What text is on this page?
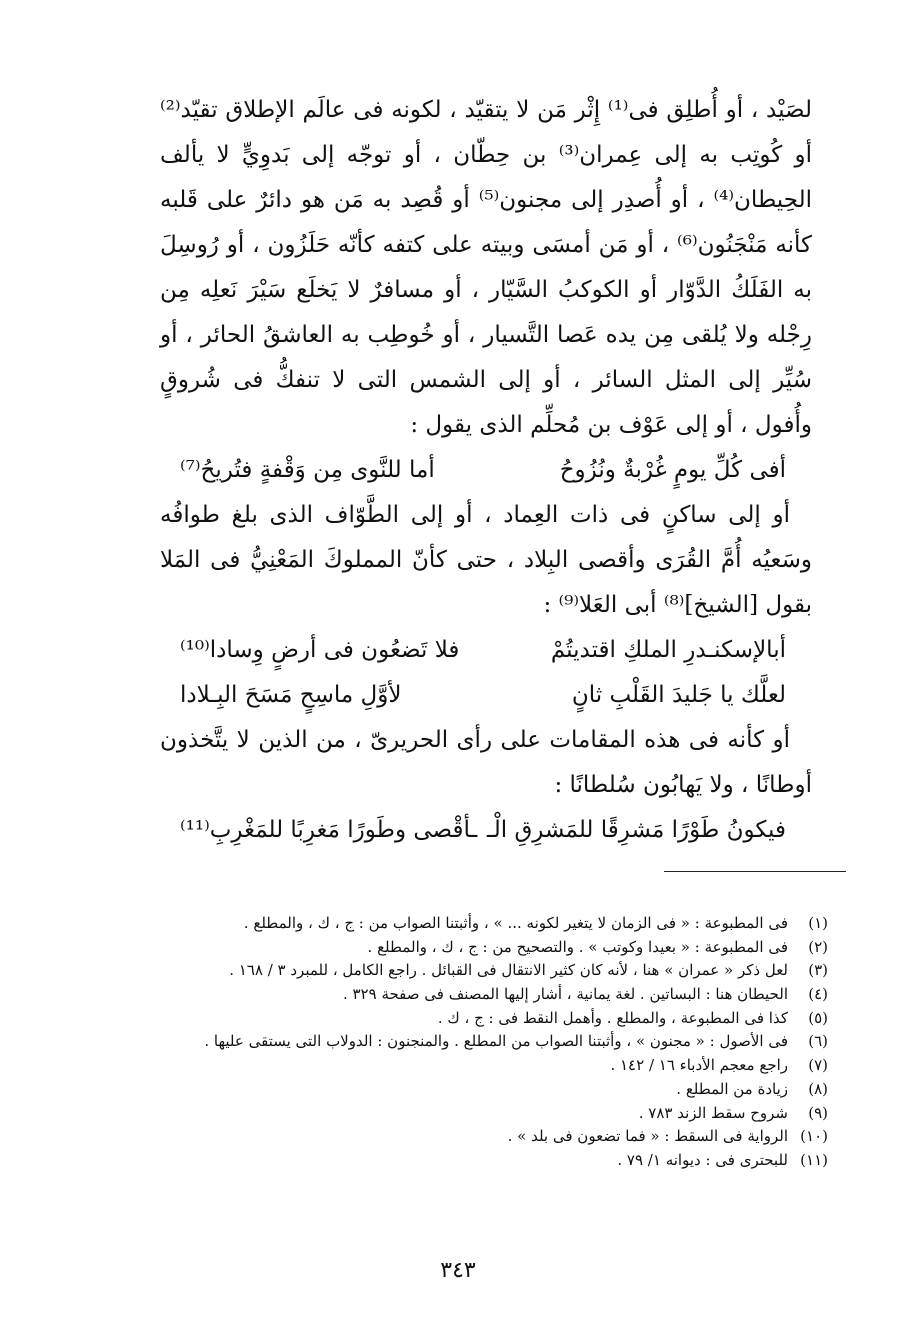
لصَيْد ، أو أُطلِق فى⁽¹⁾ إِثْر مَن لا يتقيّد ، لكونه فى عالَم الإطلاق تقيّد⁽²⁾ أو كُوتِب به إلى عِمران⁽³⁾ بن حِطّان ، أو توجّه إلى بَدوِيٍّ لا يألف الحِيطان⁽⁴⁾ ، أو أُصدِر إلى مجنون⁽⁵⁾ أو قُصِد به مَن هو دائرٌ على قَلبه كأنه مَنْجَنُون⁽⁶⁾ ، أو مَن أمسَى وبيته على كتفه كأنّه حَلَزُون ، أو رُوسِلَ به الفَلَكُ الدَّوّار أو الكوكبُ السَّيّار ، أو مسافرٌ لا يَخلَع سَيْرَ نَعلِه مِن رِجْله ولا يُلقى مِن يده عَصا التَّسيار ، أو خُوطِب به العاشقُ الحائر ، أو سُيِّر إلى المثل السائر ، أو إلى الشمس التى لا تنفكُّ فى شُروقٍ وأُفول ، أو إلى عَوْف بن مُحلِّم الذى يقول :

أفى كُلِّ يومٍ غُرْبةٌ ونُزُوحُ
أما للنَّوى مِن وَقْفةٍ فتُريحُ⁽⁷⁾

أو إلى ساكنٍ فى ذات العِماد ، أو إلى الطَّوّاف الذى بلغ طوافُه وسَعيُه أُمَّ القُرَى وأقصى البِلاد ، حتى كأنّ المملوكَ المَعْنِيُّ فى المَلا بقول [الشيخ]⁽⁸⁾ أبى العَلا⁽⁹⁾ :

أبالإسكنـدرِ الملكِ اقتديتُمْ
فلا تَضعُون فى أرضٍ وِسادا⁽¹⁰⁾
لعلَّك يا جَليدَ القَلْبِ ثانٍ
لأوَّلِ ماسِحٍ مَسَحَ البِـلادا

أو كأنه فى هذه المقامات على رأى الحريرىّ ، من الذين لا يتَّخذون أوطانًا ، ولا يَهابُون سُلطانًا :

فيكونُ طَوْرًا مَشرِقًا للمَشرِقِ الْـ
ـأقْصى وطَورًا مَغرِبًا للمَغْرِبِ⁽¹¹⁾
(١)
فى المطبوعة : « فى الزمان لا يتغير لكونه ... » ، وأثبتنا الصواب من : ج ، ك ، والمطلع .
(٢)
فى المطبوعة : « بعيدا وكوتب » . والتصحيح من : ج ، ك ، والمطلع .
(٣)
لعل ذكر « عمران » هنا ، لأنه كان كثير الانتقال فى القبائل . راجع الكامل ، للمبرد ٣ / ١٦٨ .
(٤)
الحيطان هنا : البساتين . لغة يمانية ، أشار إليها المصنف فى صفحة ٣٢٩ .
(٥)
كذا فى المطبوعة ، والمطلع . وأهمل النقط فى : ج ، ك .
(٦)
فى الأصول : « مجنون » ، وأثبتنا الصواب من المطلع . والمنجنون : الدولاب التى يستقى عليها .
(٧)
راجع معجم الأدباء ١٦ / ١٤٢ .
(٨)
زيادة من المطلع .
(٩)
شروح سقط الزند ٧٨٣ .
(١٠)
الرواية فى السقط : « فما تضعون فى بلد » .
(١١)
للبحترى فى : ديوانه ١/ ٧٩ .
٣٤٣
